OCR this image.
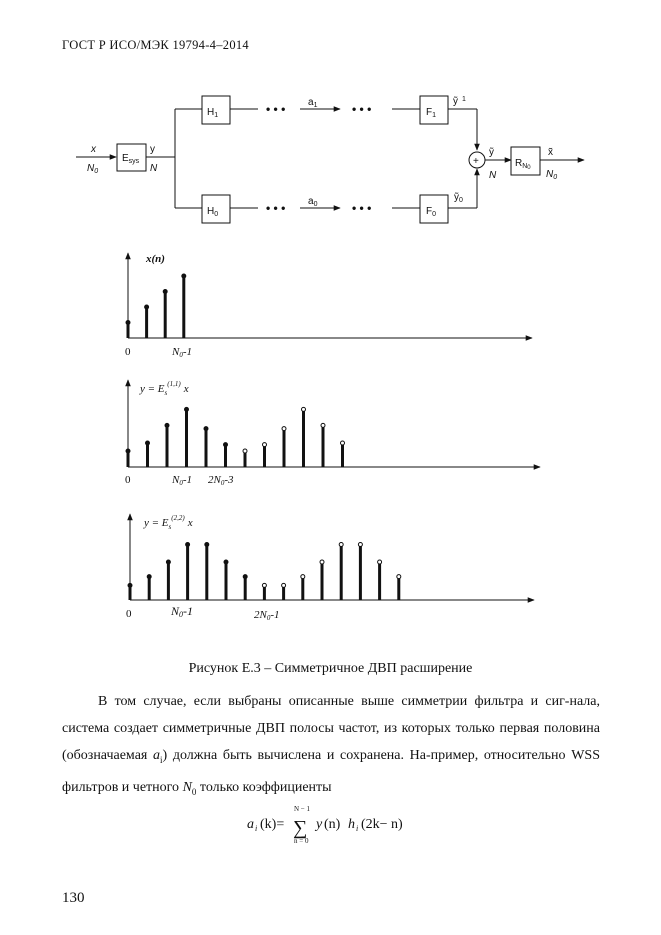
ГОСТ Р ИСО/МЭК 19794-4–2014
x
$N_0$
$E_{sys}$
y
N
$H_1$
$H_0$
• • • $a_1$	• • •	$F_1$
ỹ $^1$
• • • $a_0$	• • •	$F_0$
ỹ$_0$
+
ỹ
N
$R_N0$
x̃
$N_0$
x(n)
0	N0-1
$y = E_s^{(1,1)}$ x
0	N0-1 2N0-3
$y = E_s^{(2,2)}$ x
0	N0-1	2N0-1
Рисунок Е.3 – Симметричное ДВП расширение

В том случае, если выбраны описанные выше симметрии фильтра и сиг-нала, система создает симметричные ДВП полосы частот, из которых только первая половина (обозначаемая $a_i$) должна быть вычислена и сохранена. На-пример, относительно WSS фильтров и четного $N_0$ только коэффициенты

a i (k)=
N − 1
∑
n = 0
y (n) h i (2k− n)
130
